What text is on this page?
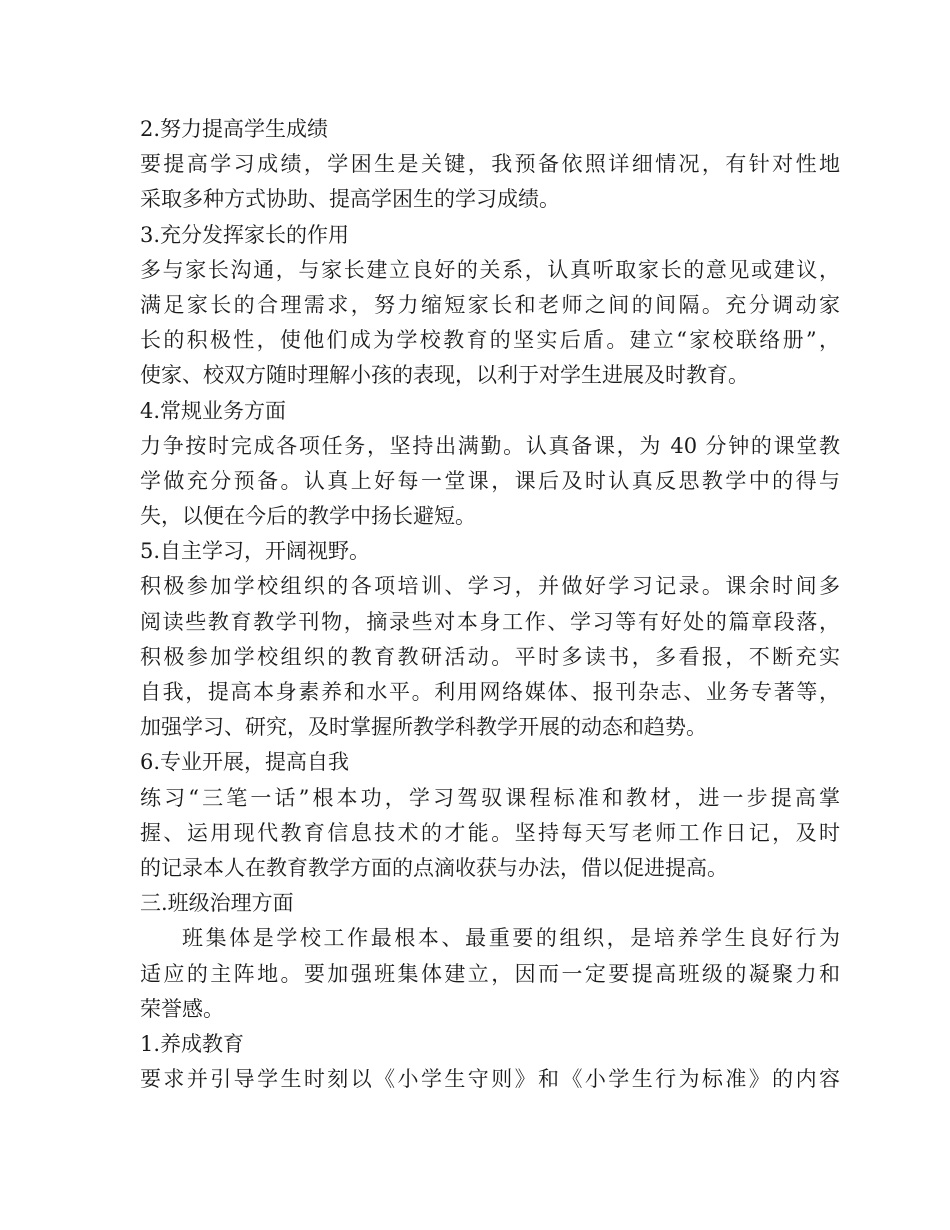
2.努力提高学生成绩
要提高学习成绩，学困生是关键，我预备依照详细情况，有针对性地
采取多种方式协助、提高学困生的学习成绩。
3.充分发挥家长的作用
多与家长沟通，与家长建立良好的关系，认真听取家长的意见或建议，
满足家长的合理需求，努力缩短家长和老师之间的间隔。充分调动家
长的积极性，使他们成为学校教育的坚实后盾。建立“家校联络册”，
使家、校双方随时理解小孩的表现，以利于对学生进展及时教育。
4.常规业务方面
力争按时完成各项任务，坚持出满勤。认真备课，为 40 分钟的课堂教
学做充分预备。认真上好每一堂课，课后及时认真反思教学中的得与
失，以便在今后的教学中扬长避短。
5.自主学习，开阔视野。
积极参加学校组织的各项培训、学习，并做好学习记录。课余时间多
阅读些教育教学刊物，摘录些对本身工作、学习等有好处的篇章段落，
积极参加学校组织的教育教研活动。平时多读书，多看报，不断充实
自我，提高本身素养和水平。利用网络媒体、报刊杂志、业务专著等，
加强学习、研究，及时掌握所教学科教学开展的动态和趋势。
6.专业开展，提高自我
练习“三笔一话”根本功，学习驾驭课程标准和教材，进一步提高掌
握、运用现代教育信息技术的才能。坚持每天写老师工作日记，及时
的记录本人在教育教学方面的点滴收获与办法，借以促进提高。
三.班级治理方面
班集体是学校工作最根本、最重要的组织，是培养学生良好行为
适应的主阵地。要加强班集体建立，因而一定要提高班级的凝聚力和
荣誉感。
1.养成教育
要求并引导学生时刻以《小学生守则》和《小学生行为标准》的内容
